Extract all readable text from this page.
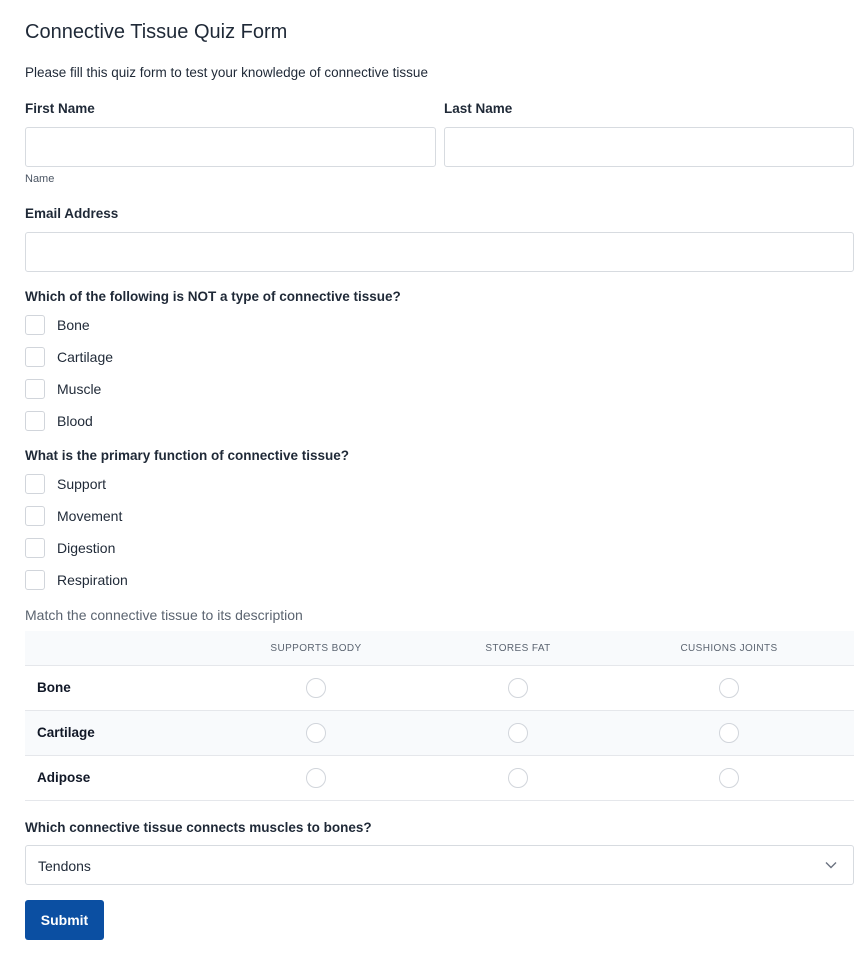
Connective Tissue Quiz Form
Please fill this quiz form to test your knowledge of connective tissue
First Name	Last Name
Name
Email Address
Which of the following is NOT a type of connective tissue?
Bone
Cartilage
Muscle
Blood
What is the primary function of connective tissue?
Support
Movement
Digestion
Respiration
Match the connective tissue to its description
SUPPORTS BODY	STORES FAT	CUSHIONS JOINTS
Bone
Cartilage
Adipose
Which connective tissue connects muscles to bones?
Tendons
Submit
